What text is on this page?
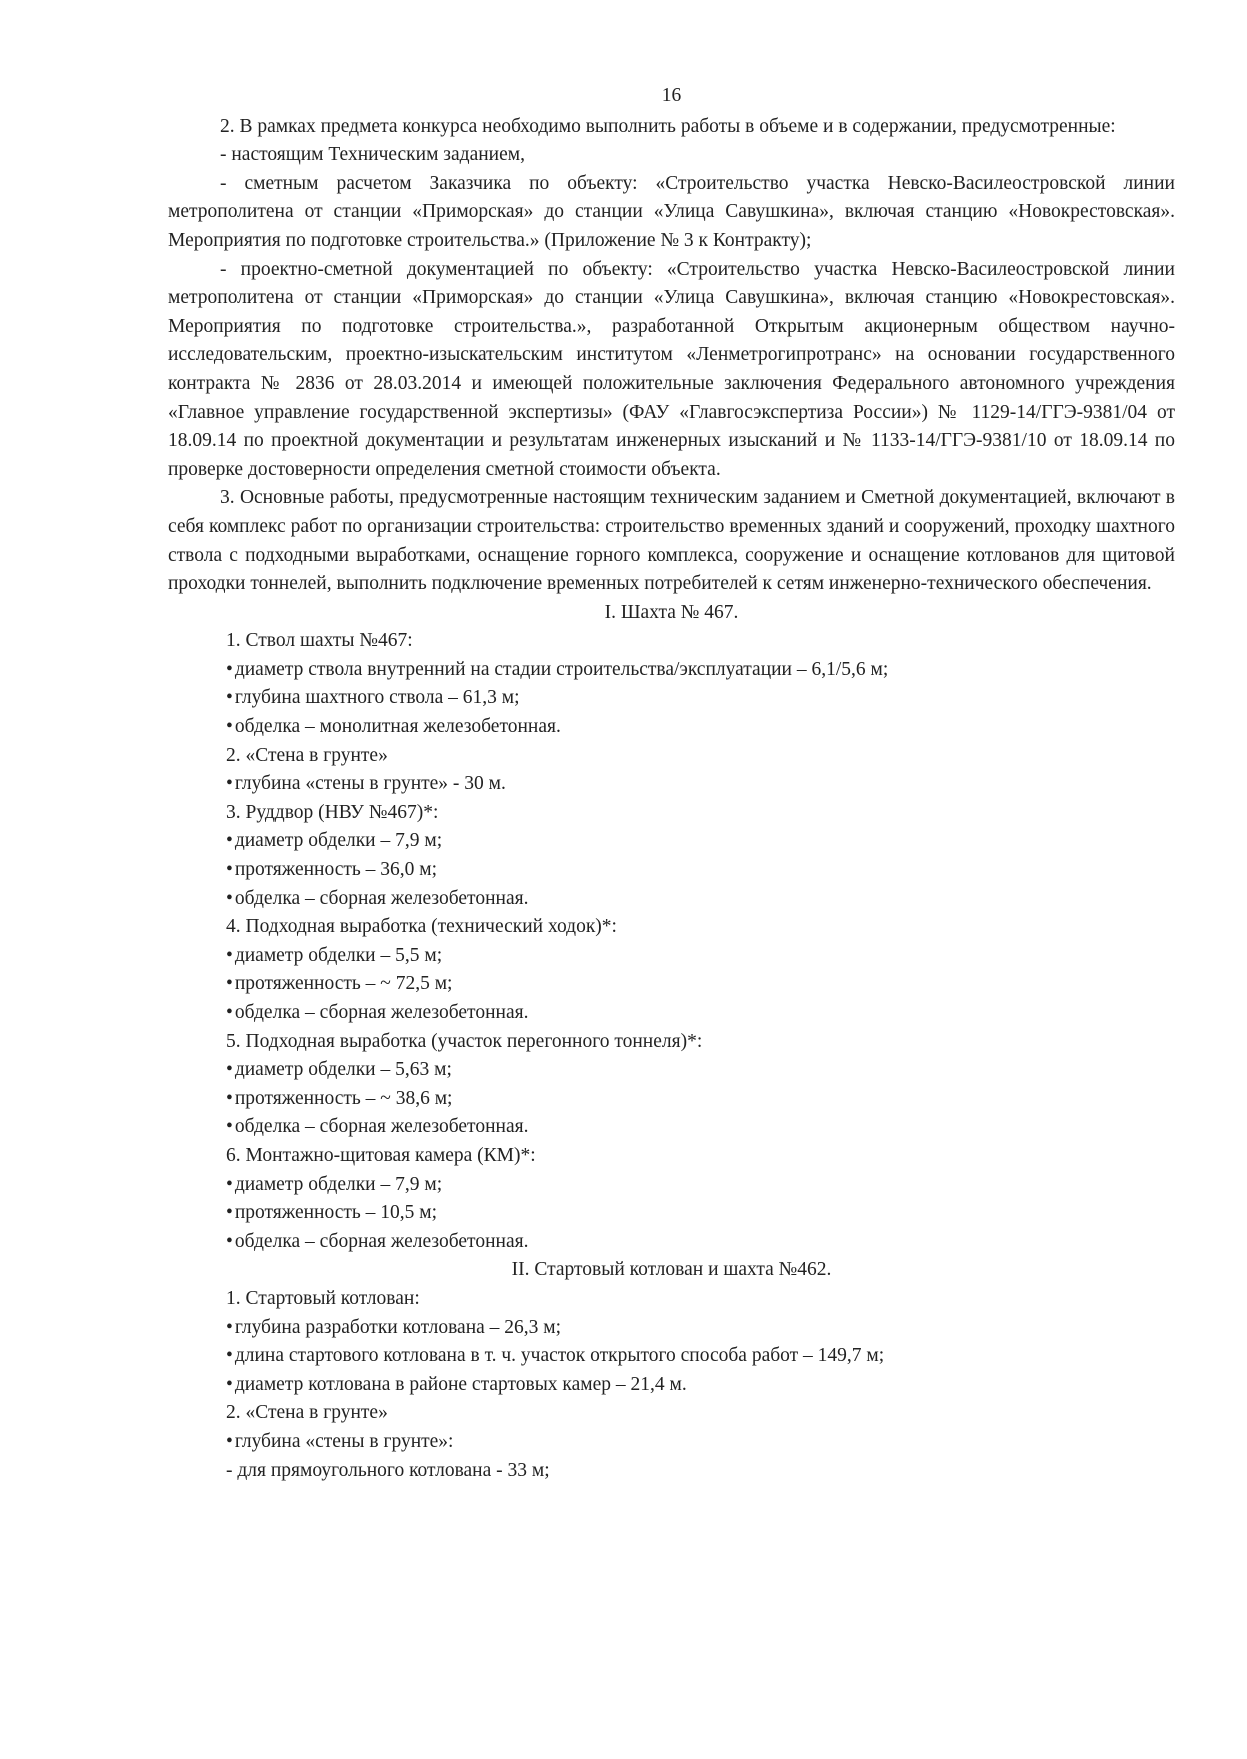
16
2. В рамках предмета конкурса необходимо выполнить работы в объеме и в содержании, предусмотренные:
- настоящим Техническим заданием,
- сметным расчетом Заказчика по объекту: «Строительство участка Невско-Василеостровской линии метрополитена от станции «Приморская» до станции «Улица Савушкина», включая станцию «Новокрестовская». Мероприятия по подготовке строительства.» (Приложение № 3 к Контракту);
- проектно-сметной документацией по объекту: «Строительство участка Невско-Василеостровской линии метрополитена от станции «Приморская» до станции «Улица Савушкина», включая станцию «Новокрестовская». Мероприятия по подготовке строительства.», разработанной Открытым акционерным обществом научно-исследовательским, проектно-изыскательским институтом «Ленметрогипротранс» на основании государственного контракта № 2836 от 28.03.2014 и имеющей положительные заключения Федерального автономного учреждения «Главное управление государственной экспертизы» (ФАУ «Главгосэкспертиза России») № 1129-14/ГГЭ-9381/04 от 18.09.14 по проектной документации и результатам инженерных изысканий и № 1133-14/ГГЭ-9381/10 от 18.09.14 по проверке достоверности определения сметной стоимости объекта.
3. Основные работы, предусмотренные настоящим техническим заданием и Сметной документацией, включают в себя комплекс работ по организации строительства: строительство временных зданий и сооружений, проходку шахтного ствола с подходными выработками, оснащение горного комплекса, сооружение и оснащение котлованов для щитовой проходки тоннелей, выполнить подключение временных потребителей к сетям инженерно-технического обеспечения.
I. Шахта № 467.
1. Ствол шахты №467:
• диаметр ствола внутренний на стадии строительства/эксплуатации – 6,1/5,6 м;
• глубина шахтного ствола – 61,3 м;
• обделка – монолитная железобетонная.
2. «Стена в грунте»
• глубина «стены в грунте» - 30 м.
3. Руддвор (НВУ №467)*:
• диаметр обделки – 7,9 м;
• протяженность – 36,0 м;
• обделка – сборная железобетонная.
4. Подходная выработка (технический ходок)*:
• диаметр обделки – 5,5 м;
• протяженность – ~ 72,5 м;
• обделка – сборная железобетонная.
5. Подходная выработка (участок перегонного тоннеля)*:
• диаметр обделки – 5,63 м;
• протяженность – ~ 38,6 м;
• обделка – сборная железобетонная.
6. Монтажно-щитовая камера (КМ)*:
• диаметр обделки – 7,9 м;
• протяженность – 10,5 м;
• обделка – сборная железобетонная.
II. Стартовый котлован и шахта №462.
1. Стартовый котлован:
• глубина разработки котлована – 26,3 м;
• длина стартового котлована в т. ч. участок открытого способа работ – 149,7 м;
• диаметр котлована в районе стартовых камер – 21,4 м.
2. «Стена в грунте»
• глубина «стены в грунте»:
- для прямоугольного котлована - 33 м;
